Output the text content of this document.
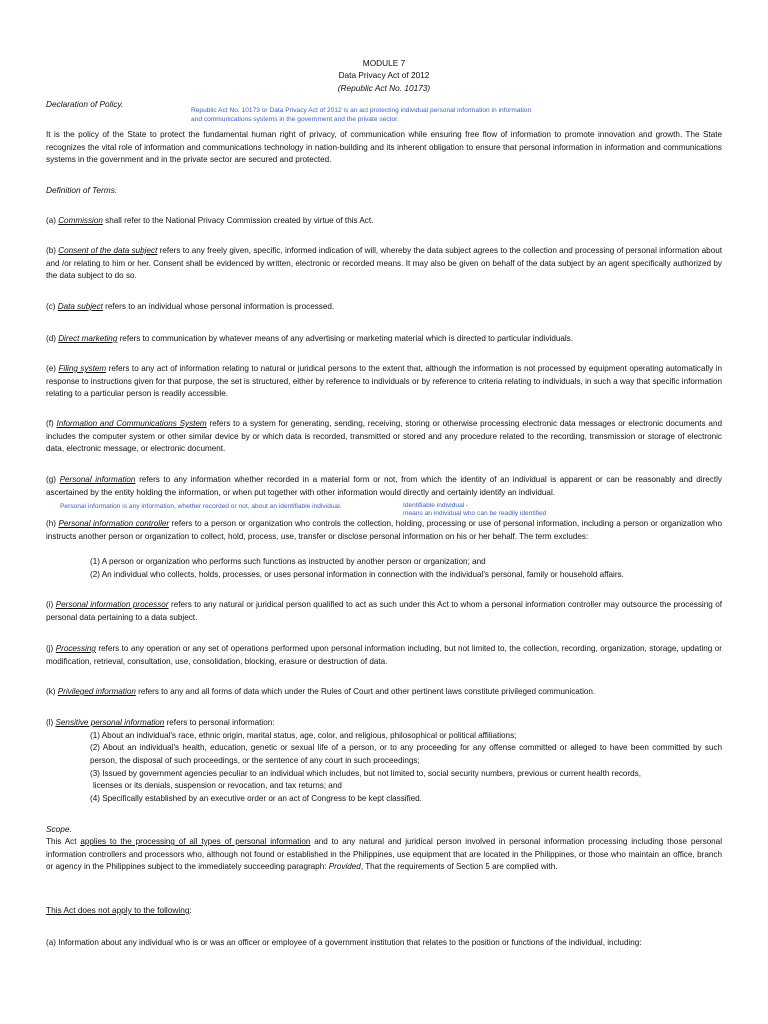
MODULE 7
Data Privacy Act of 2012
(Republic Act No. 10173)
Declaration of Policy.
Republic Act No. 10173 or Data Privacy Act of 2012 is an act protecting individual personal information in information
and communications systems in the government and the private sector.
It is the policy of the State to protect the fundamental human right of privacy, of communication while ensuring free flow of information to promote innovation and growth. The State recognizes the vital role of information and communications technology in nation-building and its inherent obligation to ensure that personal information in information and communications systems in the government and in the private sector are secured and protected.
Definition of Terms.
(a) Commission shall refer to the National Privacy Commission created by virtue of this Act.
(b) Consent of the data subject refers to any freely given, specific, informed indication of will, whereby the data subject agrees to the collection and processing of personal information about and /or relating to him or her. Consent shall be evidenced by written, electronic or recorded means. It may also be given on behalf of the data subject by an agent specifically authorized by the data subject to do so.
(c) Data subject refers to an individual whose personal information is processed.
(d) Direct marketing refers to communication by whatever means of any advertising or marketing material which is directed to particular individuals.
(e) Filing system refers to any act of information relating to natural or juridical persons to the extent that, although the information is not processed by equipment operating automatically in response to instructions given for that purpose, the set is structured, either by reference to individuals or by reference to criteria relating to individuals, in such a way that specific information relating to a particular person is readily accessible.
(f) Information and Communications System refers to a system for generating, sending, receiving, storing or otherwise processing electronic data messages or electronic documents and includes the computer system or other similar device by or which data is recorded, transmitted or stored and any procedure related to the recording, transmission or storage of electronic data, electronic message, or electronic document.
(g) Personal information refers to any information whether recorded in a material form or not, from which the identity of an individual is apparent or can be reasonably and directly ascertained by the entity holding the information, or when put together with other information would directly and certainly identify an individual.
Personal information is any information, whether recorded or not, about an identifiable individual.	Identifiable individual -
means an individual who can be readily identified
(h) Personal information controller refers to a person or organization who controls the collection, holding, processing or use of personal information, including a person or organization who instructs another person or organization to collect, hold, process, use, transfer or disclose personal information on his or her behalf. The term excludes:
(1) A person or organization who performs such functions as instructed by another person or organization; and
(2) An individual who collects, holds, processes, or uses personal information in connection with the individual's personal, family or household affairs.
(i) Personal information processor refers to any natural or juridical person qualified to act as such under this Act to whom a personal information controller may outsource the processing of personal data pertaining to a data subject.
(j) Processing refers to any operation or any set of operations performed upon personal information including, but not limited to, the collection, recording, organization, storage, updating or modification, retrieval, consultation, use, consolidation, blocking, erasure or destruction of data.
(k) Privileged information refers to any and all forms of data which under the Rules of Court and other pertinent laws constitute privileged communication.
(l) Sensitive personal information refers to personal information:
(1) About an individual's race, ethnic origin, marital status, age, color, and religious, philosophical or political affiliations;
(2) About an individual's health, education, genetic or sexual life of a person, or to any proceeding for any offense committed or alleged to have been committed by such person, the disposal of such proceedings, or the sentence of any court in such proceedings;
(3) Issued by government agencies peculiar to an individual which includes, but not limited to, social security numbers, previous or current health records,
licenses or its denials, suspension or revocation, and tax returns; and
(4) Specifically established by an executive order or an act of Congress to be kept classified.
Scope.
This Act applies to the processing of all types of personal information and to any natural and juridical person involved in personal information processing including those personal information controllers and processors who, although not found or established in the Philippines, use equipment that are located in the Philippines, or those who maintain an office, branch or agency in the Philippines subject to the immediately succeeding paragraph: Provided, That the requirements of Section 5 are complied with.
This Act does not apply to the following:
(a) Information about any individual who is or was an officer or employee of a government institution that relates to the position or functions of the individual, including:
